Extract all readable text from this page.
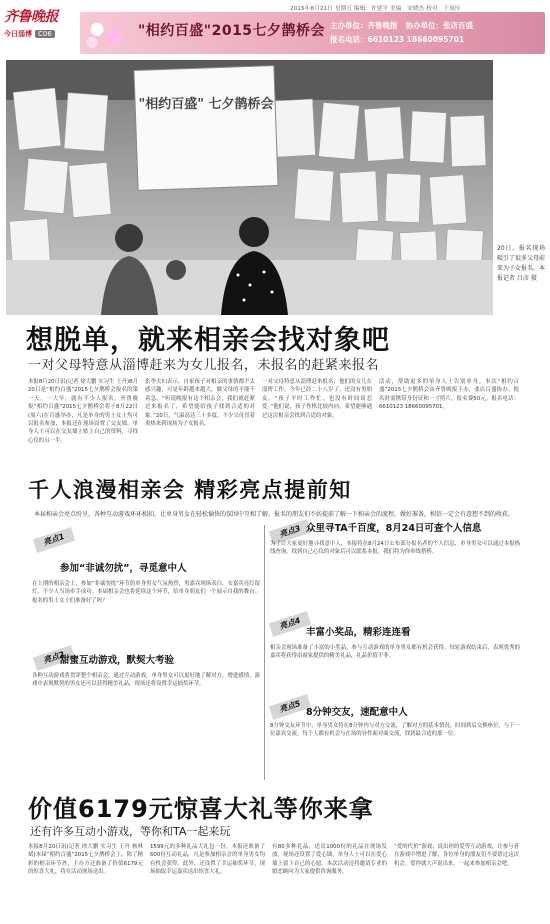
齐鲁晚报
今日淄博 C06
2015年8月21日 星期五 编辑：许建平 美编：安晓杰 校对：于凤玲
"相约百盛"2015七夕鹊桥会 主办单位：齐鲁晚报 协办单位：张店百盛
报名电话：6610123 18660095701
"相约百盛" 七夕鹊桥会
20日，报名现场吸引了很多父母前来为子女报名。本报记者 吕彦 摄
想脱单，就来相亲会找对象吧
一对父母特意从淄博赶来为女儿报名，未报名的赶紧来报名
本报8月20日讯(记者 徐大鹏 实习生 王丹)8月20日是“相约百盛”2015七夕鹊桥会报名的第一天，一大早，就有不少人报名。齐鲁晚报“相约百盛”2015七夕鹊桥会将于8月22日(周六)在百盛举办，凡是单身的男士女士均可以报名参加，本报还在现场设置了交友墙，单身人士可以在交友墙上贴上自己的资料，寻找心仪的另一半。
张李夫妇表示，自家孩子对相亲的事情都不太感兴趣，可是年龄越来越大，做父母的不能不着急。“听说晚报有这个相亲会，我们就赶紧过来报名了，希望能给孩子找到合适的对象。”20日，气温高达三十多度，不少父母冒着炎热来到现场为子女报名。
一对父母特意从淄博赶来报名，他们的女儿在淄博工作，今年已经二十八岁了，还没有男朋友。“孩子平时工作忙，也没有时间谈恋爱。”他们说，孩子性格比较内向，希望能够通过这次相亲会找到合适的对象。
活动，帮助更多的单身人士告别单身。本次“相约百盛”2015七夕鹊桥会由齐鲁晚报主办，张店百盛协办。报名时需携带身份证和一寸照片，报名费50元。报名电话：6610123 18660095701。
千人浪漫相亲会 精彩亮点提前知
本届相亲会亮点纷呈，各种互动游戏环环相扣，让单身男女在轻松愉快的氛围中互相了解。报名的朋友们不妨提前了解一下相亲会的流程，做好准备，相信一定会有意想不到的收获。
亮点1
参加“非诚勿扰”，寻觅意中人
在上期的相亲会上，参加“非诚勿扰”环节的单身男女气氛热烈，男嘉宾现场表白，女嘉宾亮灯留灯，不少人当场牵手成功。本届相亲会也将延续这个环节，给单身朋友们一个展示自我的舞台。报名的男士女士们准备好了吗？
亮点2
甜蜜互动游戏，默契大考验
各种互动游戏将贯穿整个相亲会，通过互动游戏，单身男女可以更好地了解对方，增进感情。游戏中表现默契的男女还可以获得精美礼品，现场还将设置幸运抽奖环节。
亮点3 众里寻TA千百度，8月24日可查个人信息
为了让大家更好地寻找意中人，本报将在8月24日公布部分报名者的个人信息，单身男女可以通过本报热线查询，找到自己心仪的对象后可以联系本报，我们将为你牵线搭桥。
亮点4
丰富小奖品，精彩连连看
相亲会现场准备了丰富的小奖品，参与互动游戏的单身男女都有机会获得。每轮游戏结束后，表现优秀的嘉宾将获得由商家提供的精美礼品，礼品价值不菲。
亮点5 8分钟交友，速配意中人
8分钟交友环节中，单身男女将在8分钟内与对方交流，了解对方的基本情况。时间到后交换座位，与下一位嘉宾交流。每个人都有机会与在场的异性面对面交流，找到最合适的那一位。
价值6179元惊喜大礼等你来拿
还有许多互动小游戏，等你和TA一起来玩
本报8月20日讯(记者 徐大鹏 实习生 王丹 杨林斌)本届“相约百盛”2015七夕鹊桥会上，除了精彩的相亲环节外，主办方还准备了价值6179元的惊喜大礼，将在活动现场送出。
1599元的多种礼品大礼包一份。本报还准备了600份互动礼品，凡是参加相亲会的单身男女均有机会获得。此外，还设置了幸运抽奖环节，现场抽取幸运嘉宾送出惊喜大礼。
有80多种礼品，送出1000份的礼品在现场发放。现场还设置了爱心墙，单身人士可以在爱心墙上留下自己的心愿。本次活动还将邀请专业的婚恋顾问为大家提供咨询服务。
“爱的代价”游戏、说出你的爱等互动游戏，让参与者在游戏中增进了解，各位单身的朋友们不要错过这次机会。爱你就大声说出来，一起来参加相亲会吧。
